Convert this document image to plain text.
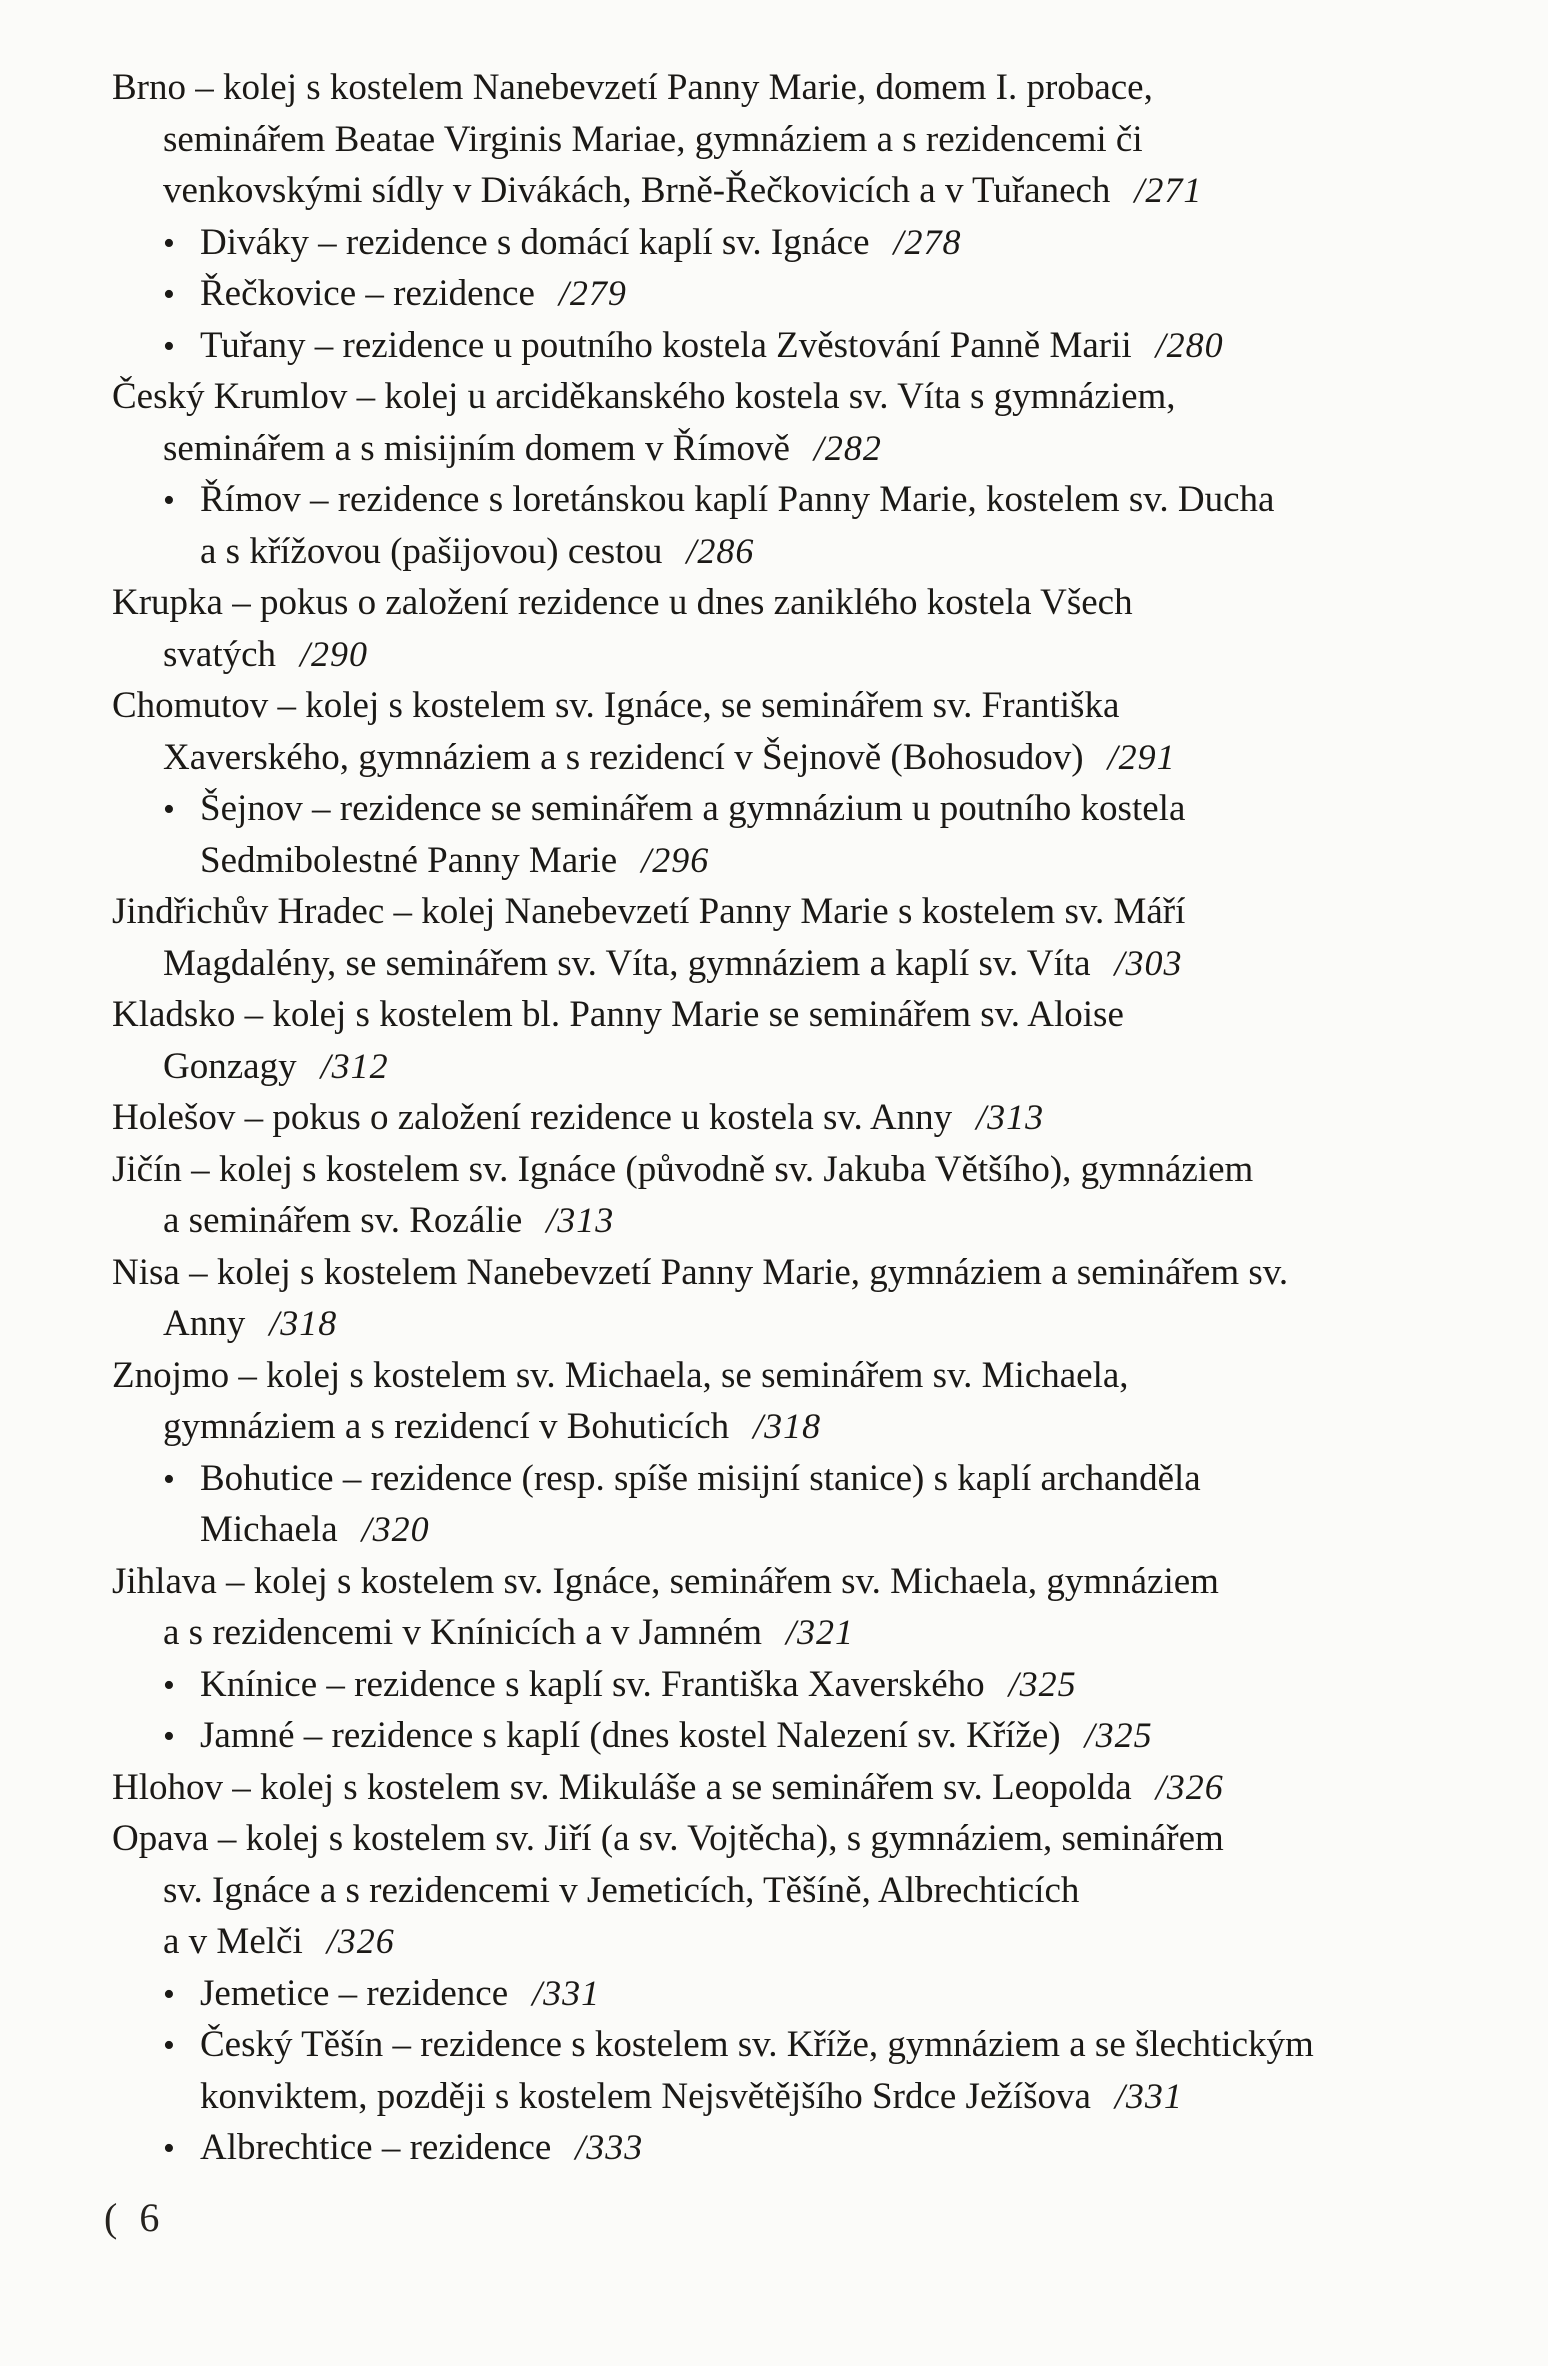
Brno – kolej s kostelem Nanebevzetí Panny Marie, domem I. probace,
seminářem Beatae Virginis Mariae, gymnáziem a s rezidencemi či
venkovskými sídly v Divákách, Brně-Řečkovicích a v Tuřanech /271
• Diváky – rezidence s domácí kaplí sv. Ignáce /278
• Řečkovice – rezidence /279
• Tuřany – rezidence u poutního kostela Zvěstování Panně Marii /280
Český Krumlov – kolej u arciděkanského kostela sv. Víta s gymnáziem,
seminářem a s misijním domem v Římově /282
• Římov – rezidence s loretánskou kaplí Panny Marie, kostelem sv. Ducha
a s křížovou (pašijovou) cestou /286
Krupka – pokus o založení rezidence u dnes zaniklého kostela Všech
svatých /290
Chomutov – kolej s kostelem sv. Ignáce, se seminářem sv. Františka
Xaverského, gymnáziem a s rezidencí v Šejnově (Bohosudov) /291
• Šejnov – rezidence se seminářem a gymnázium u poutního kostela
Sedmibolestné Panny Marie /296
Jindřichův Hradec – kolej Nanebevzetí Panny Marie s kostelem sv. Máří
Magdalény, se seminářem sv. Víta, gymnáziem a kaplí sv. Víta /303
Kladsko – kolej s kostelem bl. Panny Marie se seminářem sv. Aloise
Gonzagy /312
Holešov – pokus o založení rezidence u kostela sv. Anny /313
Jičín – kolej s kostelem sv. Ignáce (původně sv. Jakuba Většího), gymnáziem
a seminářem sv. Rozálie /313
Nisa – kolej s kostelem Nanebevzetí Panny Marie, gymnáziem a seminářem sv.
Anny /318
Znojmo – kolej s kostelem sv. Michaela, se seminářem sv. Michaela,
gymnáziem a s rezidencí v Bohuticích /318
• Bohutice – rezidence (resp. spíše misijní stanice) s kaplí archanděla
Michaela /320
Jihlava – kolej s kostelem sv. Ignáce, seminářem sv. Michaela, gymnáziem
a s rezidencemi v Knínicích a v Jamném /321
• Knínice – rezidence s kaplí sv. Františka Xaverského /325
• Jamné – rezidence s kaplí (dnes kostel Nalezení sv. Kříže) /325
Hlohov – kolej s kostelem sv. Mikuláše a se seminářem sv. Leopolda /326
Opava – kolej s kostelem sv. Jiří (a sv. Vojtěcha), s gymnáziem, seminářem
sv. Ignáce a s rezidencemi v Jemeticích, Těšíně, Albrechticích
a v Melči /326
• Jemetice – rezidence /331
• Český Těšín – rezidence s kostelem sv. Kříže, gymnáziem a se šlechtickým
konviktem, později s kostelem Nejsvětějšího Srdce Ježíšova /331
• Albrechtice – rezidence /333
( 6
